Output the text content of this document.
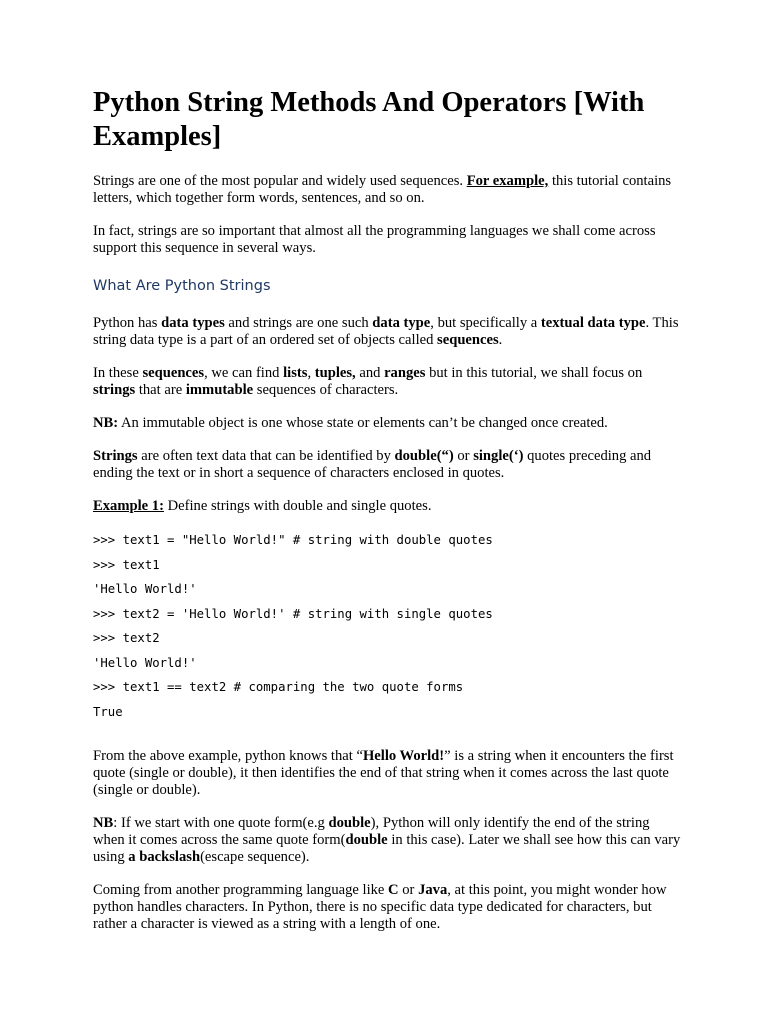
Python String Methods And Operators [With Examples]

Strings are one of the most popular and widely used sequences. For example, this tutorial contains letters, which together form words, sentences, and so on.

In fact, strings are so important that almost all the programming languages we shall come across support this sequence in several ways.

What Are Python Strings

Python has data types and strings are one such data type, but specifically a textual data type. This string data type is a part of an ordered set of objects called sequences.

In these sequences, we can find lists, tuples, and ranges but in this tutorial, we shall focus on strings that are immutable sequences of characters.

NB: An immutable object is one whose state or elements can’t be changed once created.

Strings are often text data that can be identified by double(“) or single(‘) quotes preceding and ending the text or in short a sequence of characters enclosed in quotes.

Example 1: Define strings with double and single quotes.

>>> text1 = "Hello World!" # string with double quotes

>>> text1

'Hello World!'

>>> text2 = 'Hello World!' # string with single quotes

>>> text2

'Hello World!'

>>> text1 == text2 # comparing the two quote forms

True

From the above example, python knows that “Hello World!” is a string when it encounters the first quote (single or double), it then identifies the end of that string when it comes across the last quote (single or double).

NB: If we start with one quote form(e.g double), Python will only identify the end of the string when it comes across the same quote form(double in this case). Later we shall see how this can vary using a backslash(escape sequence).

Coming from another programming language like C or Java, at this point, you might wonder how python handles characters. In Python, there is no specific data type dedicated for characters, but rather a character is viewed as a string with a length of one.
